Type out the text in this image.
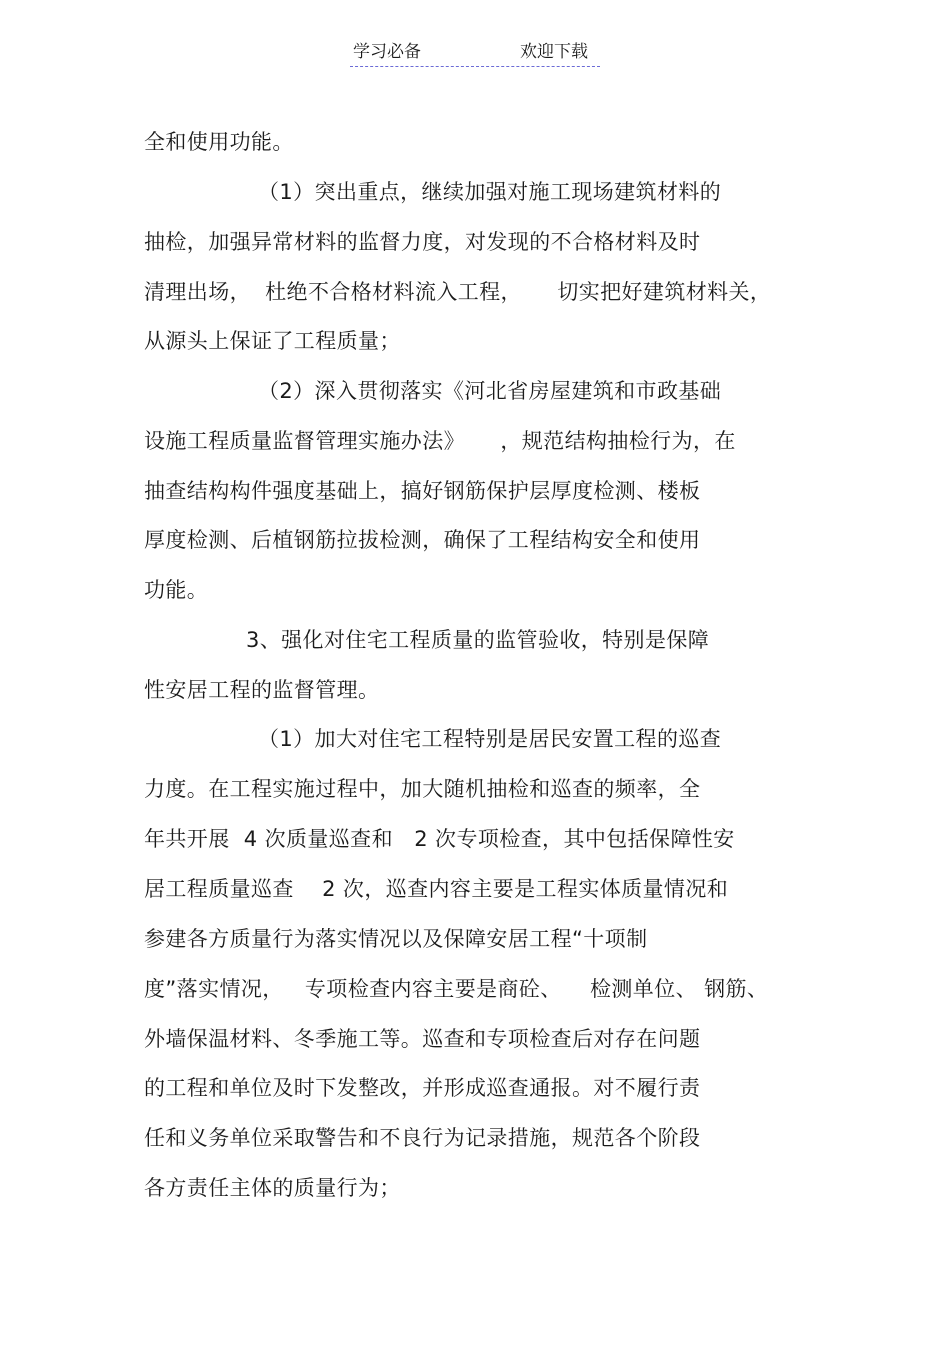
学习必备	欢迎下载
全和使用功能。
（1）突出重点，继续加强对施工现场建筑材料的
抽检，加强异常材料的监督力度，对发现的不合格材料及时
清理出场，  杜绝不合格材料流入工程，     切实把好建筑材料关，
从源头上保证了工程质量；
（2）深入贯彻落实《河北省房屋建筑和市政基础
设施工程质量监督管理实施办法》     ，规范结构抽检行为，在
抽查结构构件强度基础上，搞好钢筋保护层厚度检测、楼板
厚度检测、后植钢筋拉拔检测，确保了工程结构安全和使用
功能。
3、强化对住宅工程质量的监管验收，特别是保障
性安居工程的监督管理。
（1）加大对住宅工程特别是居民安置工程的巡查
力度。在工程实施过程中，加大随机抽检和巡查的频率，全
年共开展  4 次质量巡查和   2 次专项检查，其中包括保障性安
居工程质量巡查    2 次，巡查内容主要是工程实体质量情况和
参建各方质量行为落实情况以及保障安居工程“十项制
度”落实情况，   专项检查内容主要是商砼、    检测单位、 钢筋、
外墙保温材料、冬季施工等。巡查和专项检查后对存在问题
的工程和单位及时下发整改，并形成巡查通报。对不履行责
任和义务单位采取警告和不良行为记录措施，规范各个阶段
各方责任主体的质量行为；
